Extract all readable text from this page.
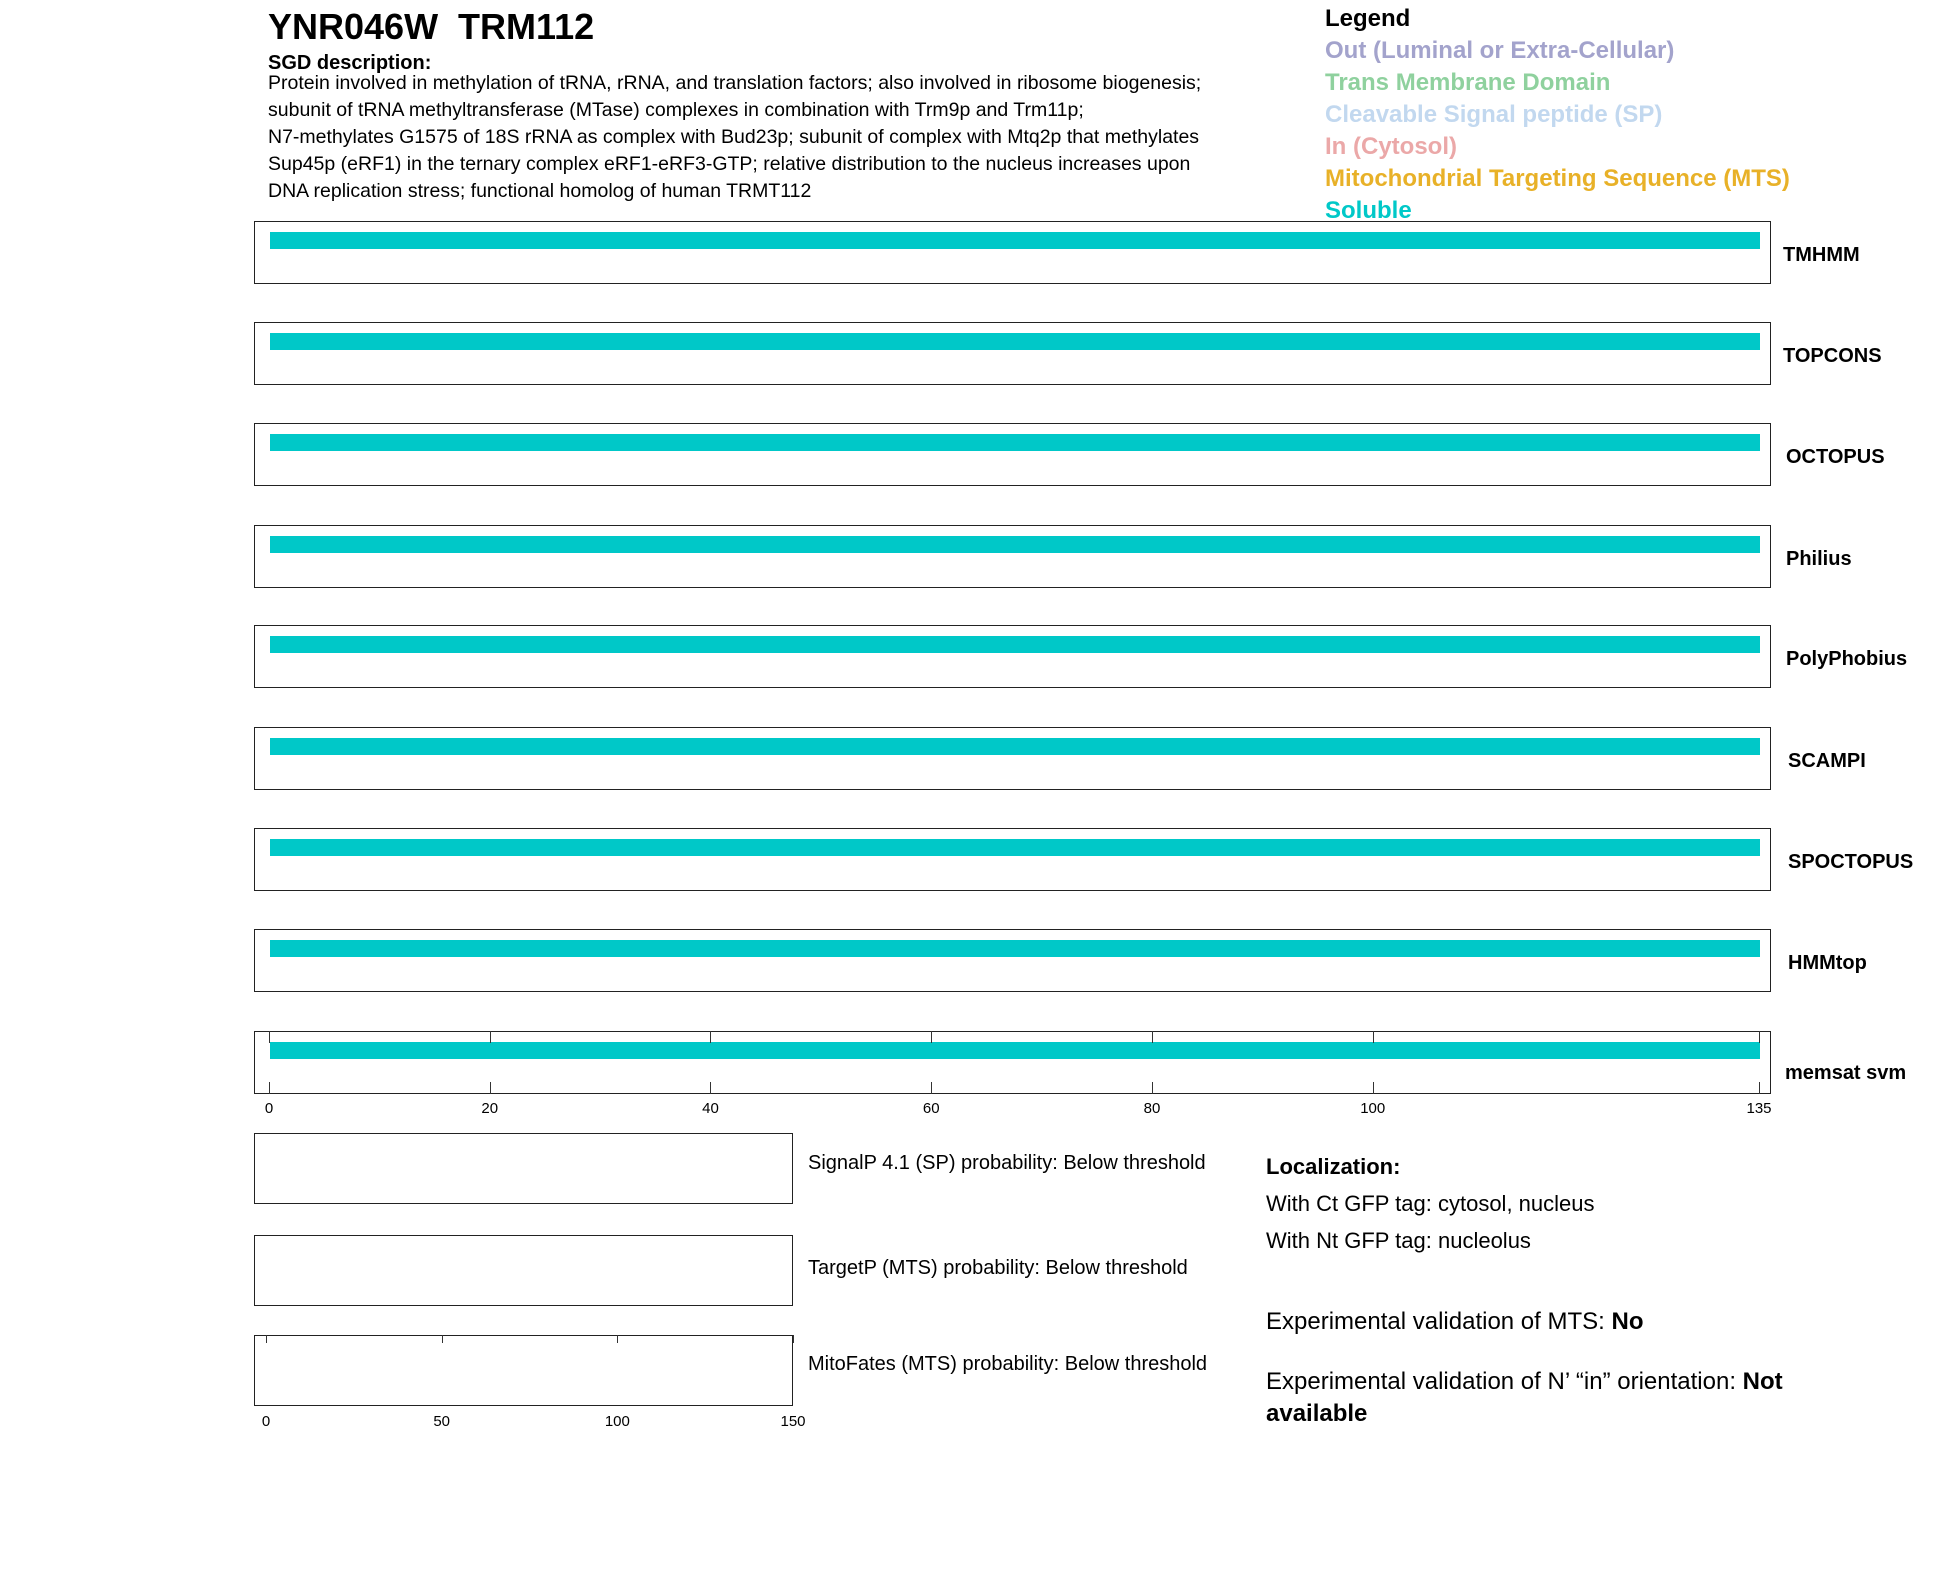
YNR046W  TRM112
SGD description:
Protein involved in methylation of tRNA, rRNA, and translation factors; also involved in ribosome biogenesis;
subunit of tRNA methyltransferase (MTase) complexes in combination with Trm9p and Trm11p;
N7-methylates G1575 of 18S rRNA as complex with Bud23p; subunit of complex with Mtq2p that methylates
Sup45p (eRF1) in the ternary complex eRF1-eRF3-GTP; relative distribution to the nucleus increases upon
DNA replication stress; functional homolog of human TRMT112
Legend
Out (Luminal or Extra-Cellular)
Trans Membrane Domain
Cleavable Signal peptide (SP)
In (Cytosol)
Mitochondrial Targeting Sequence (MTS)
Soluble
TMHMM
TOPCONS
OCTOPUS
Philius
PolyPhobius
SCAMPI
SPOCTOPUS
HMMtop
memsat svm
0	20	40	60	80	100	135
SignalP 4.1 (SP) probability: Below threshold
TargetP (MTS) probability: Below threshold
MitoFates (MTS) probability: Below threshold
0	50	100	150
Localization:
With Ct GFP tag: cytosol, nucleus
With Nt GFP tag: nucleolus
Experimental validation of MTS: No
Experimental validation of N’ “in” orientation: Not available
